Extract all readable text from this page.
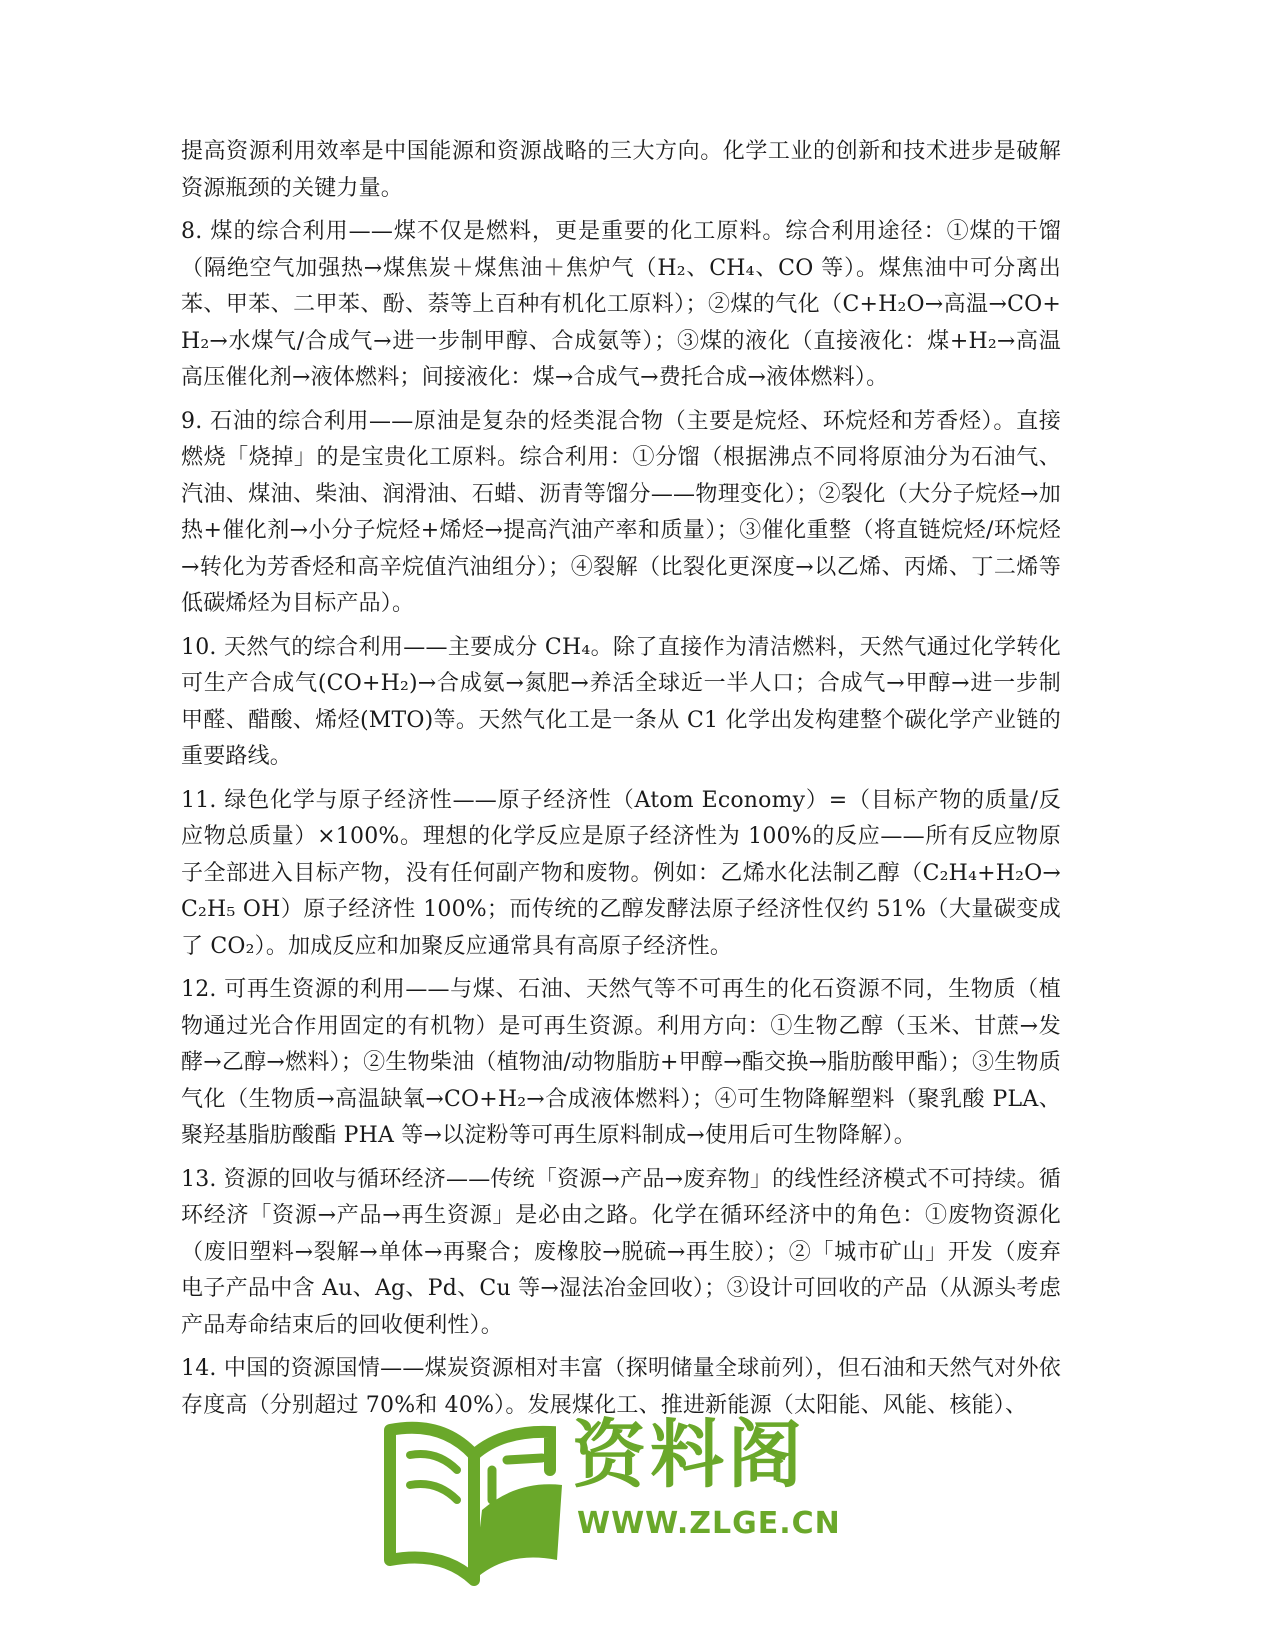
提高资源利用效率是中国能源和资源战略的三大方向。化学工业的创新和技术进步是破解资源瓶颈的关键力量。

8. 煤的综合利用——煤不仅是燃料，更是重要的化工原料。综合利用途径：①煤的干馏（隔绝空气加强热→煤焦炭＋煤焦油＋焦炉气（H₂、CH₄、CO 等）。煤焦油中可分离出苯、甲苯、二甲苯、酚、萘等上百种有机化工原料）；②煤的气化（C+H₂O→高温→CO+H₂→水煤气/合成气→进一步制甲醇、合成氨等）；③煤的液化（直接液化：煤+H₂→高温高压催化剂→液体燃料；间接液化：煤→合成气→费托合成→液体燃料）。

9. 石油的综合利用——原油是复杂的烃类混合物（主要是烷烃、环烷烃和芳香烃）。直接燃烧「烧掉」的是宝贵化工原料。综合利用：①分馏（根据沸点不同将原油分为石油气、汽油、煤油、柴油、润滑油、石蜡、沥青等馏分——物理变化）；②裂化（大分子烷烃→加热+催化剂→小分子烷烃+烯烃→提高汽油产率和质量）；③催化重整（将直链烷烃/环烷烃→转化为芳香烃和高辛烷值汽油组分）；④裂解（比裂化更深度→以乙烯、丙烯、丁二烯等低碳烯烃为目标产品）。

10. 天然气的综合利用——主要成分 CH₄。除了直接作为清洁燃料，天然气通过化学转化可生产合成气(CO+H₂)→合成氨→氮肥→养活全球近一半人口；合成气→甲醇→进一步制甲醛、醋酸、烯烃(MTO)等。天然气化工是一条从 C1 化学出发构建整个碳化学产业链的重要路线。

11. 绿色化学与原子经济性——原子经济性（Atom Economy）=（目标产物的质量/反应物总质量）×100%。理想的化学反应是原子经济性为 100%的反应——所有反应物原子全部进入目标产物，没有任何副产物和废物。例如：乙烯水化法制乙醇（C₂H₄+H₂O→C₂H₅ OH）原子经济性 100%；而传统的乙醇发酵法原子经济性仅约 51%（大量碳变成了 CO₂）。加成反应和加聚反应通常具有高原子经济性。

12. 可再生资源的利用——与煤、石油、天然气等不可再生的化石资源不同，生物质（植物通过光合作用固定的有机物）是可再生资源。利用方向：①生物乙醇（玉米、甘蔗→发酵→乙醇→燃料）；②生物柴油（植物油/动物脂肪+甲醇→酯交换→脂肪酸甲酯）；③生物质气化（生物质→高温缺氧→CO+H₂→合成液体燃料）；④可生物降解塑料（聚乳酸 PLA、聚羟基脂肪酸酯 PHA 等→以淀粉等可再生原料制成→使用后可生物降解）。

13. 资源的回收与循环经济——传统「资源→产品→废弃物」的线性经济模式不可持续。循环经济「资源→产品→再生资源」是必由之路。化学在循环经济中的角色：①废物资源化（废旧塑料→裂解→单体→再聚合；废橡胶→脱硫→再生胶）；②「城市矿山」开发（废弃电子产品中含 Au、Ag、Pd、Cu 等→湿法冶金回收）；③设计可回收的产品（从源头考虑产品寿命结束后的回收便利性）。

14. 中国的资源国情——煤炭资源相对丰富（探明储量全球前列），但石油和天然气对外依存度高（分别超过 70%和 40%）。发展煤化工、推进新能源（太阳能、风能、核能）、

资料阁
WWW.ZLGE.CN
